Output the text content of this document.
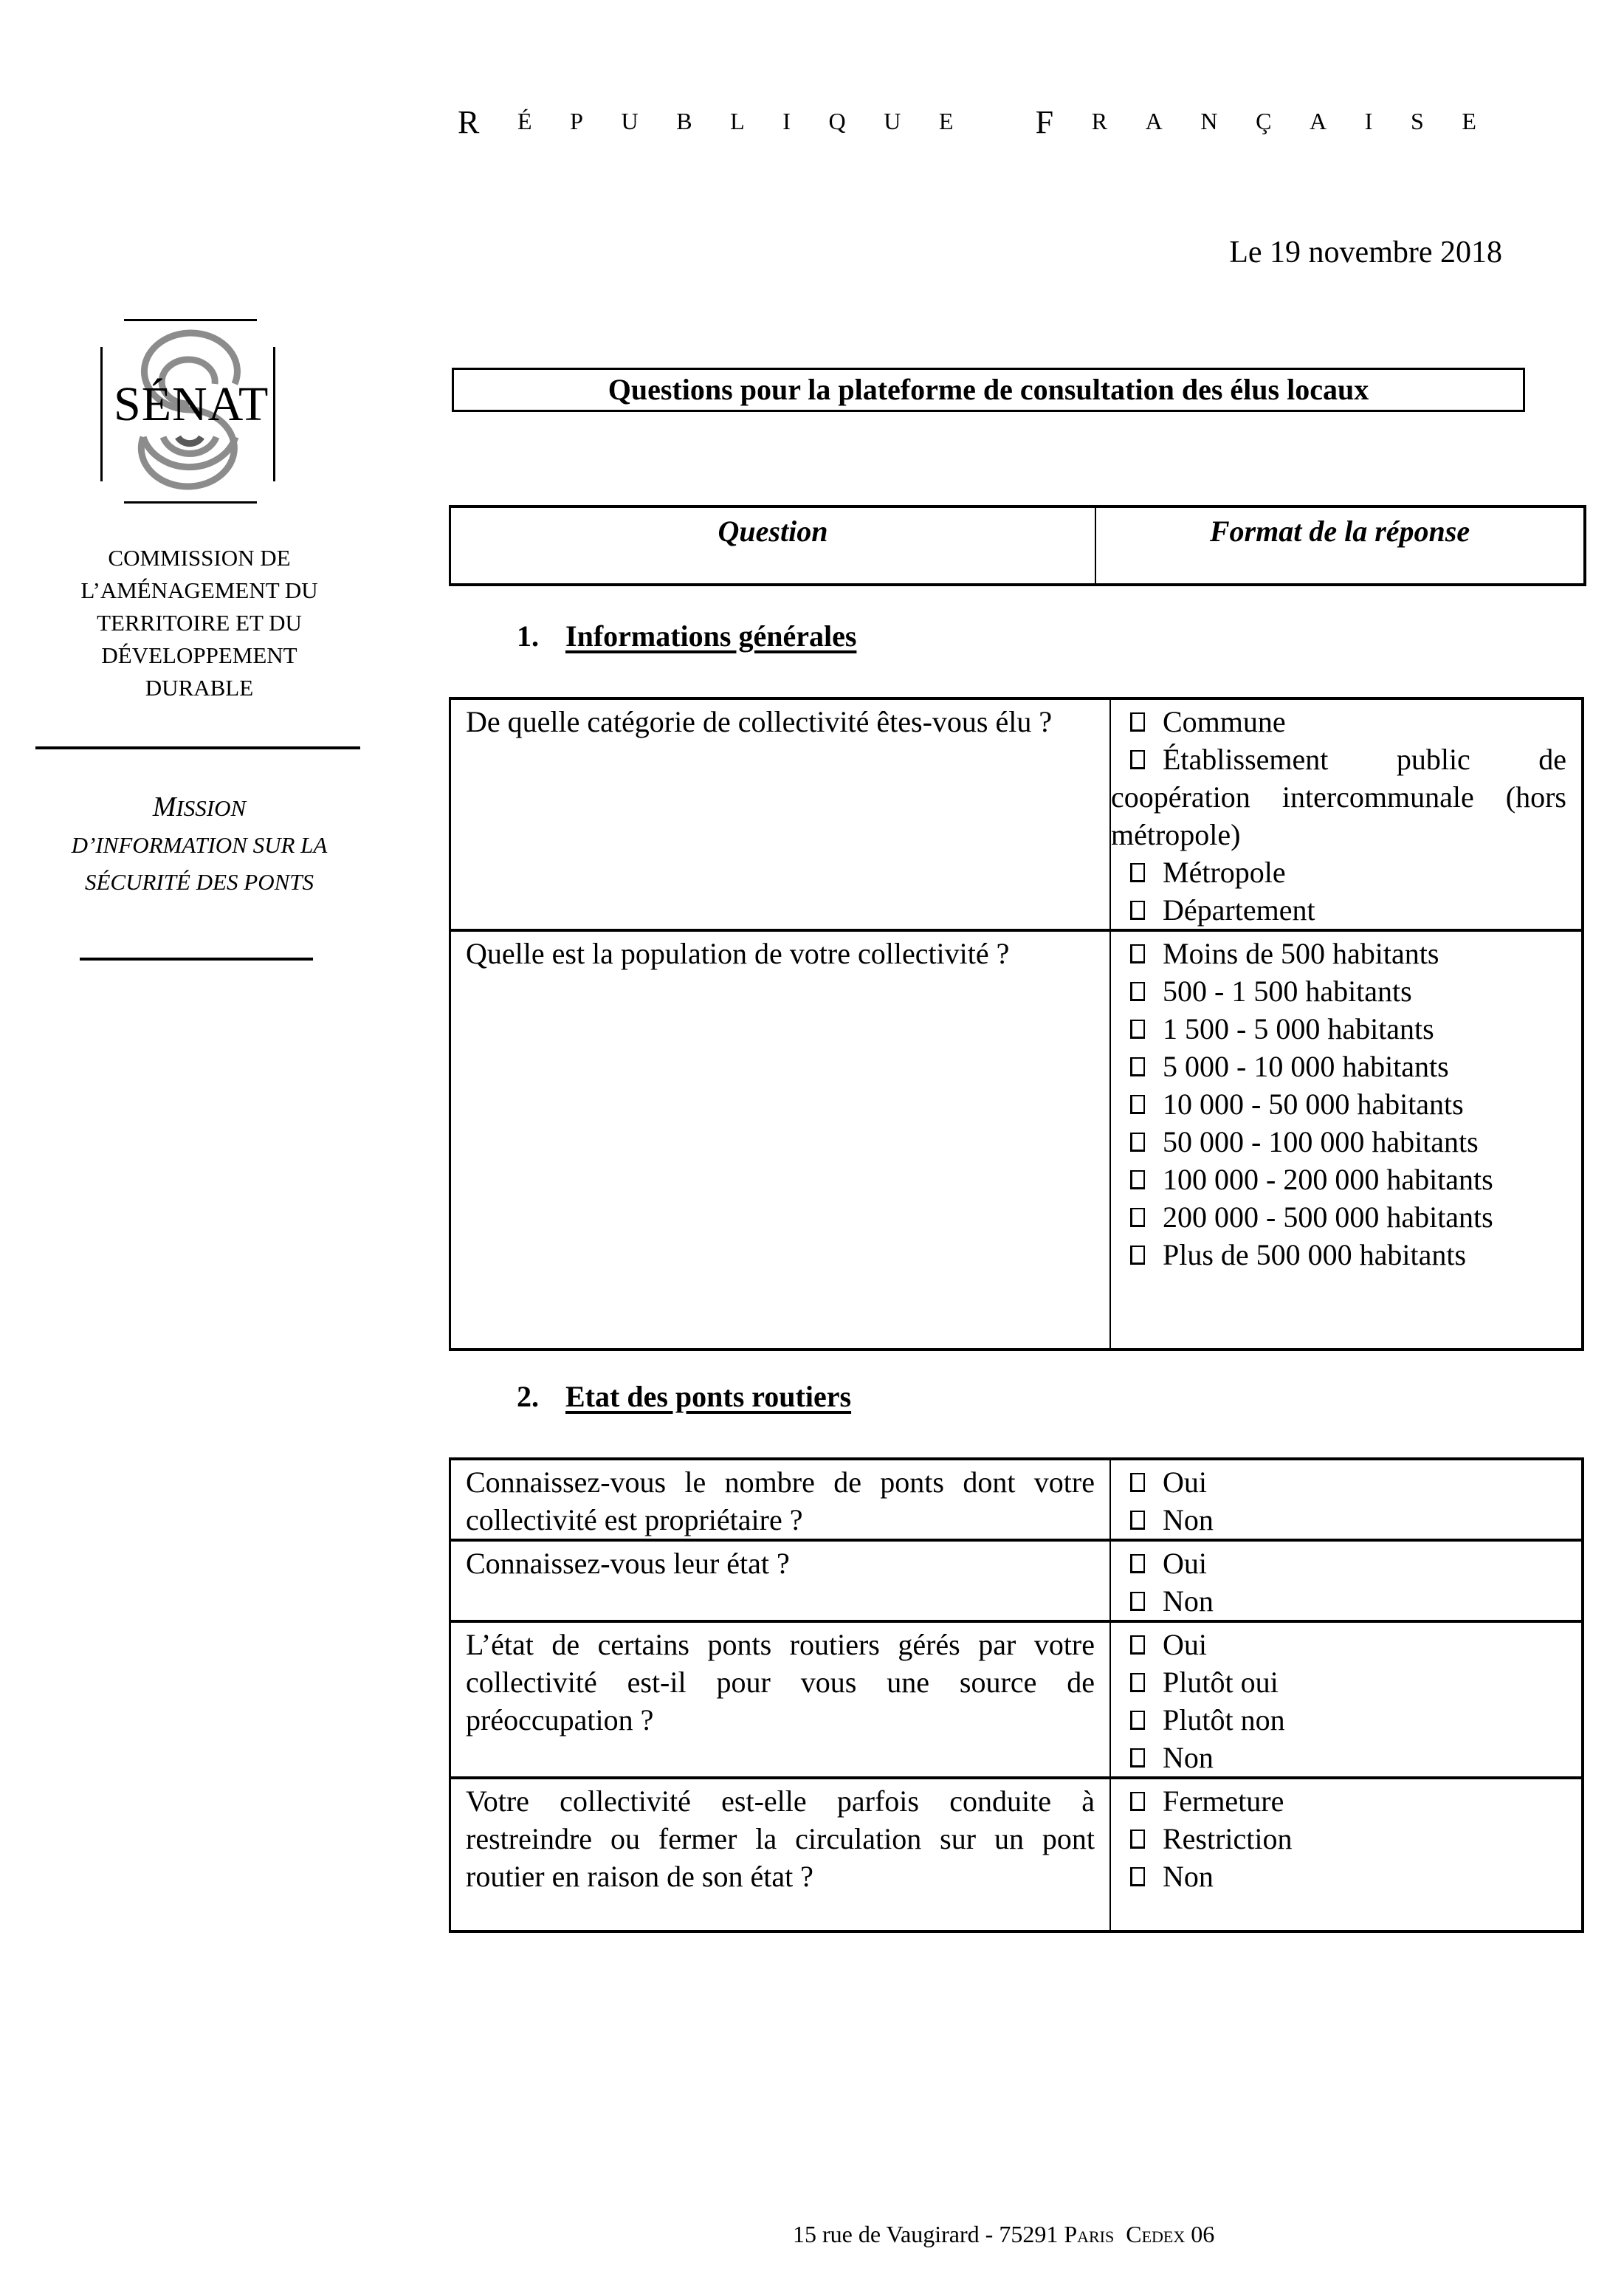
R É P U B L I Q U E
	F R A N Ç A I S E
Le 19 novembre 2018
SÉNAT
COMMISSION DE
L’AMÉNAGEMENT DU
TERRITOIRE ET DU
DÉVELOPPEMENT
DURABLE
MISSION
D’INFORMATION SUR LA
SÉCURITÉ DES PONTS
Questions pour la plateforme de consultation des élus locaux
Question	Format de la réponse
1. Informations générales
De quelle catégorie de collectivité êtes-vous élu ?	Commune
Établissement public de coopération intercommunale (hors métropole)
Métropole
Département

Quelle est la population de votre collectivité ?	Moins de 500 habitants
500 - 1 500 habitants
1 500 - 5 000 habitants
5 000 - 10 000 habitants
10 000 - 50 000 habitants
50 000 - 100 000 habitants
100 000 - 200 000 habitants
200 000 - 500 000 habitants
Plus de 500 000 habitants
2. Etat des ponts routiers
Connaissez-vous le nombre de ponts dont votre collectivité est propriétaire ?	Oui
Non

Connaissez-vous leur état ?	Oui
Non

L’état de certains ponts routiers gérés par votre collectivité est-il pour vous une source de préoccupation ?	Oui
Plutôt oui
Plutôt non
Non

Votre collectivité est-elle parfois conduite à restreindre ou fermer la circulation sur un pont routier en raison de son état ?	Fermeture
Restriction
Non
15 rue de Vaugirard - 75291 Paris Cedex 06
